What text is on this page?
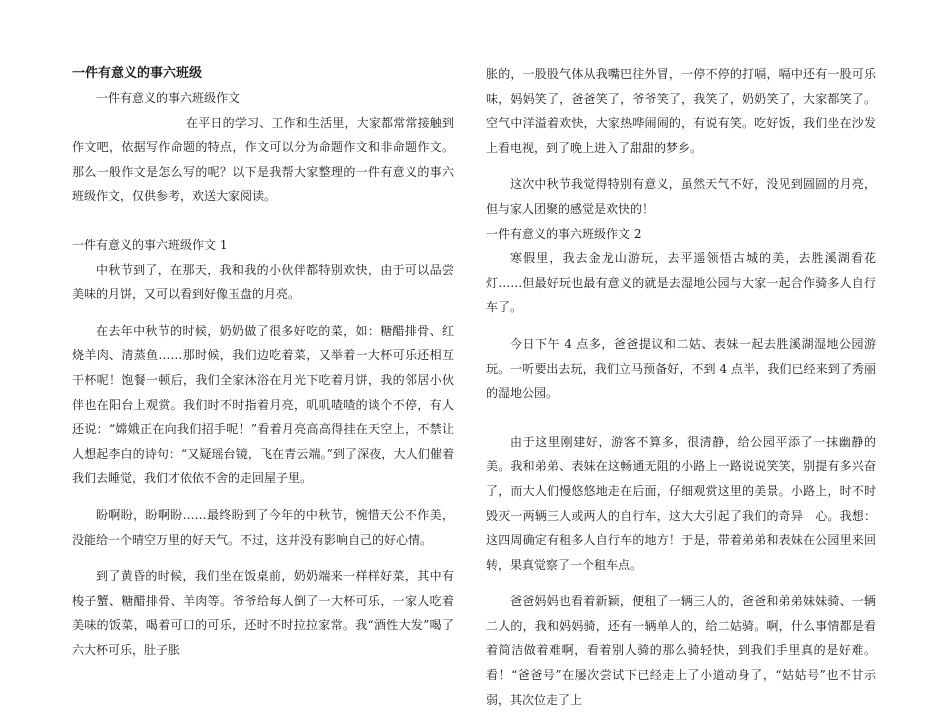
一件有意义的事六班级

一件有意义的事六班级作文

在平日的学习、工作和生活里，大家都常常接触到作文吧，依据写作命题的特点，作文可以分为命题作文和非命题作文。那么一般作文是怎么写的呢？以下是我帮大家整理的一件有意义的事六班级作文，仅供参考，欢送大家阅读。

一件有意义的事六班级作文 1

中秋节到了，在那天，我和我的小伙伴都特别欢快，由于可以品尝美味的月饼，又可以看到好像玉盘的月亮。

在去年中秋节的时候，奶奶做了很多好吃的菜，如：糖醋排骨、红烧羊肉、清蒸鱼……那时候，我们边吃着菜，又举着一大杯可乐还相互干杯呢！饱餐一顿后，我们全家沐浴在月光下吃着月饼，我的邻居小伙伴也在阳台上观赏。我们时不时指着月亮，叽叽喳喳的谈个不停，有人还说：“嫦娥正在向我们招手呢！”看着月亮高高得挂在天空上，不禁让人想起李白的诗句：“又疑瑶台镜，飞在青云端。”到了深夜，大人们催着我们去睡觉，我们才依依不舍的走回屋子里。

盼啊盼，盼啊盼……最终盼到了今年的中秋节，惋惜天公不作美，没能给一个晴空万里的好天气。不过，这并没有影响自己的好心情。

到了黄昏的时候，我们坐在饭桌前，奶奶端来一样样好菜，其中有梭子蟹、糖醋排骨、羊肉等。爷爷给每人倒了一大杯可乐，一家人吃着美味的饭菜，喝着可口的可乐，还时不时拉拉家常。我“酒性大发”喝了六大杯可乐，肚子胀

胀的，一股股气体从我嘴巴往外冒，一停不停的打嗝，嗝中还有一股可乐味，妈妈笑了，爸爸笑了，爷爷笑了，我笑了，奶奶笑了，大家都笑了。空气中洋溢着欢快，大家热哗闹闹的，有说有笑。吃好饭，我们坐在沙发上看电视，到了晚上进入了甜甜的梦乡。

这次中秋节我觉得特别有意义，虽然天气不好，没见到圆圆的月亮，但与家人团聚的感觉是欢快的！

一件有意义的事六班级作文 2

寒假里，我去金龙山游玩，去平遥领悟古城的美，去胜溪湖看花灯……但最好玩也最有意义的就是去湿地公园与大家一起合作骑多人自行车了。

今日下午 4 点多，爸爸提议和二姑、表妹一起去胜溪湖湿地公园游玩。一听要出去玩，我们立马预备好，不到 4 点半，我们已经来到了秀丽的湿地公园。

由于这里刚建好，游客不算多，很清静，给公园平添了一抹幽静的美。我和弟弟、表妹在这畅通无阻的小路上一路说说笑笑，别提有多兴奋了，而大人们慢悠悠地走在后面，仔细观赏这里的美景。小路上，时不时毁灭一两辆三人或两人的自行车，这大大引起了我们的奇异　心。我想：这四周确定有租多人自行车的地方！于是，带着弟弟和表妹在公园里来回转，果真觉察了一个租车点。

爸爸妈妈也看着新颖，便租了一辆三人的，爸爸和弟弟妹妹骑、一辆二人的，我和妈妈骑，还有一辆单人的，给二姑骑。啊，什么事情都是看着简洁做着难啊，看着别人骑的那么骑轻快，到我们手里真的是好难。看！“爸爸号”在屡次尝试下已经走上了小道动身了，“姑姑号”也不甘示弱，其次位走了上
